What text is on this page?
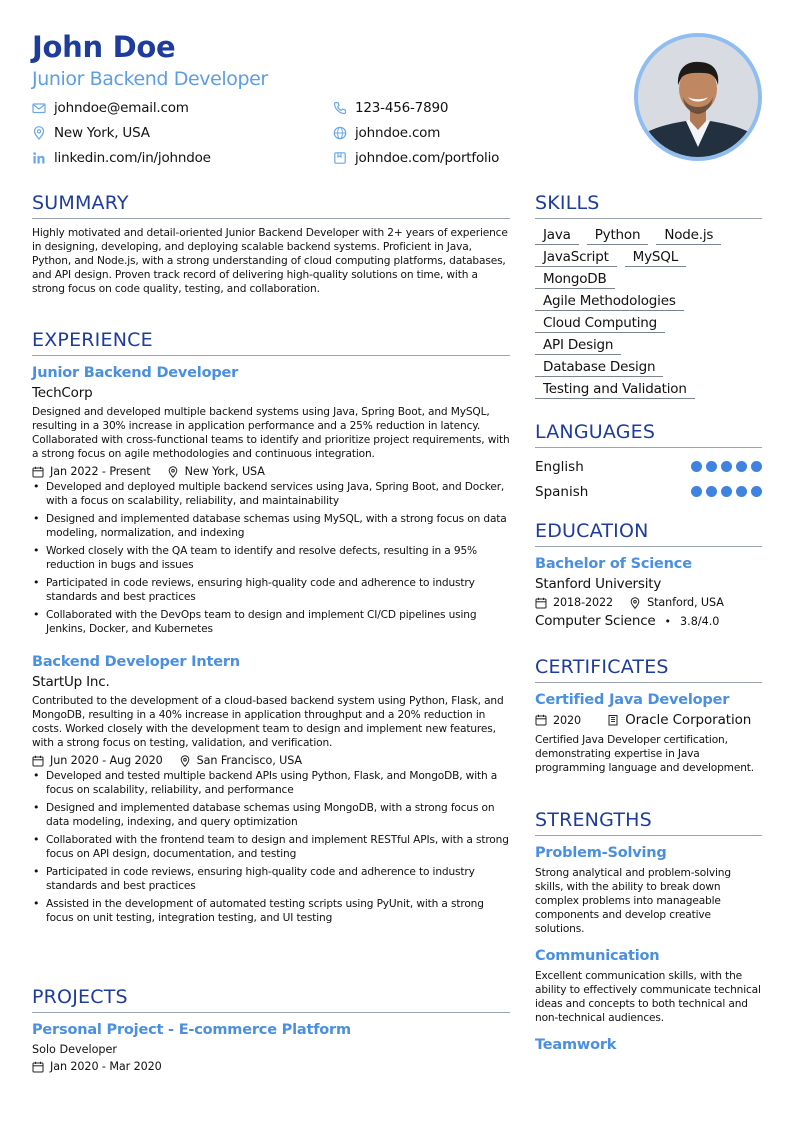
John Doe
Junior Backend Developer
johndoe@email.com
New York, USA
linkedin.com/in/johndoe
123-456-7890
johndoe.com
johndoe.com/portfolio
SUMMARY
Highly motivated and detail-oriented Junior Backend Developer with 2+ years of experience in designing, developing, and deploying scalable backend systems. Proficient in Java, Python, and Node.js, with a strong understanding of cloud computing platforms, databases, and API design. Proven track record of delivering high-quality solutions on time, with a strong focus on code quality, testing, and collaboration.
EXPERIENCE
Junior Backend Developer
TechCorp
Designed and developed multiple backend systems using Java, Spring Boot, and MySQL, resulting in a 30% increase in application performance and a 25% reduction in latency. Collaborated with cross-functional teams to identify and prioritize project requirements, with a strong focus on agile methodologies and continuous integration.
Jan 2022 - Present	New York, USA
• Developed and deployed multiple backend services using Java, Spring Boot, and Docker, with a focus on scalability, reliability, and maintainability
• Designed and implemented database schemas using MySQL, with a strong focus on data modeling, normalization, and indexing
• Worked closely with the QA team to identify and resolve defects, resulting in a 95% reduction in bugs and issues
• Participated in code reviews, ensuring high-quality code and adherence to industry standards and best practices
• Collaborated with the DevOps team to design and implement CI/CD pipelines using Jenkins, Docker, and Kubernetes
Backend Developer Intern
StartUp Inc.
Contributed to the development of a cloud-based backend system using Python, Flask, and MongoDB, resulting in a 40% increase in application throughput and a 20% reduction in costs. Worked closely with the development team to design and implement new features, with a strong focus on testing, validation, and verification.
Jun 2020 - Aug 2020	San Francisco, USA
• Developed and tested multiple backend APIs using Python, Flask, and MongoDB, with a focus on scalability, reliability, and performance
• Designed and implemented database schemas using MongoDB, with a strong focus on data modeling, indexing, and query optimization
• Collaborated with the frontend team to design and implement RESTful APIs, with a strong focus on API design, documentation, and testing
• Participated in code reviews, ensuring high-quality code and adherence to industry standards and best practices
• Assisted in the development of automated testing scripts using PyUnit, with a strong focus on unit testing, integration testing, and UI testing
PROJECTS
Personal Project - E-commerce Platform
Solo Developer
Jan 2020 - Mar 2020
SKILLS
Java	Python	Node.js
JavaScript	MySQL
MongoDB
Agile Methodologies
Cloud Computing
API Design
Database Design
Testing and Validation
LANGUAGES
English
Spanish
EDUCATION
Bachelor of Science
Stanford University
2018-2022	Stanford, USA
Computer Science • 3.8/4.0
CERTIFICATES
Certified Java Developer
2020	Oracle Corporation
Certified Java Developer certification, demonstrating expertise in Java programming language and development.
STRENGTHS
Problem-Solving
Strong analytical and problem-solving skills, with the ability to break down complex problems into manageable components and develop creative solutions.
Communication
Excellent communication skills, with the ability to effectively communicate technical ideas and concepts to both technical and non-technical audiences.
Teamwork
